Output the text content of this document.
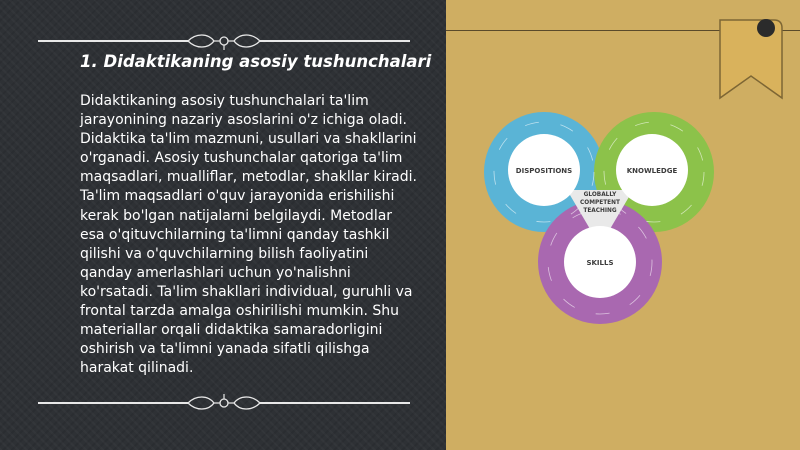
1. Didaktikaning asosiy tushunchalari

Didaktikaning asosiy tushunchalari ta'lim jarayonining nazariy asoslarini o'z ichiga oladi. Didaktika ta'lim mazmuni, usullari va shakllarini o'rganadi. Asosiy tushunchalar qatoriga ta'lim maqsadlari, mualliflar, metodlar, shakllar kiradi. Ta'lim maqsadlari o'quv jarayonida erishilishi kerak bo'lgan natijalarni belgilaydi. Metodlar esa o'qituvchilarning ta'limni qanday tashkil qilishi va o'quvchilarning bilish faoliyatini qanday amerlashlari uchun yo'nalishni ko'rsatadi. Ta'lim shakllari individual, guruhli va frontal tarzda amalga oshirilishi mumkin. Shu materiallar orqali didaktika samaradorligini oshirish va ta'limni yanada sifatli qilishga harakat qilinadi.

DISPOSITIONS	KNOWLEDGE
SKILLS
GLOBALLY
COMPETENT
TEACHING
